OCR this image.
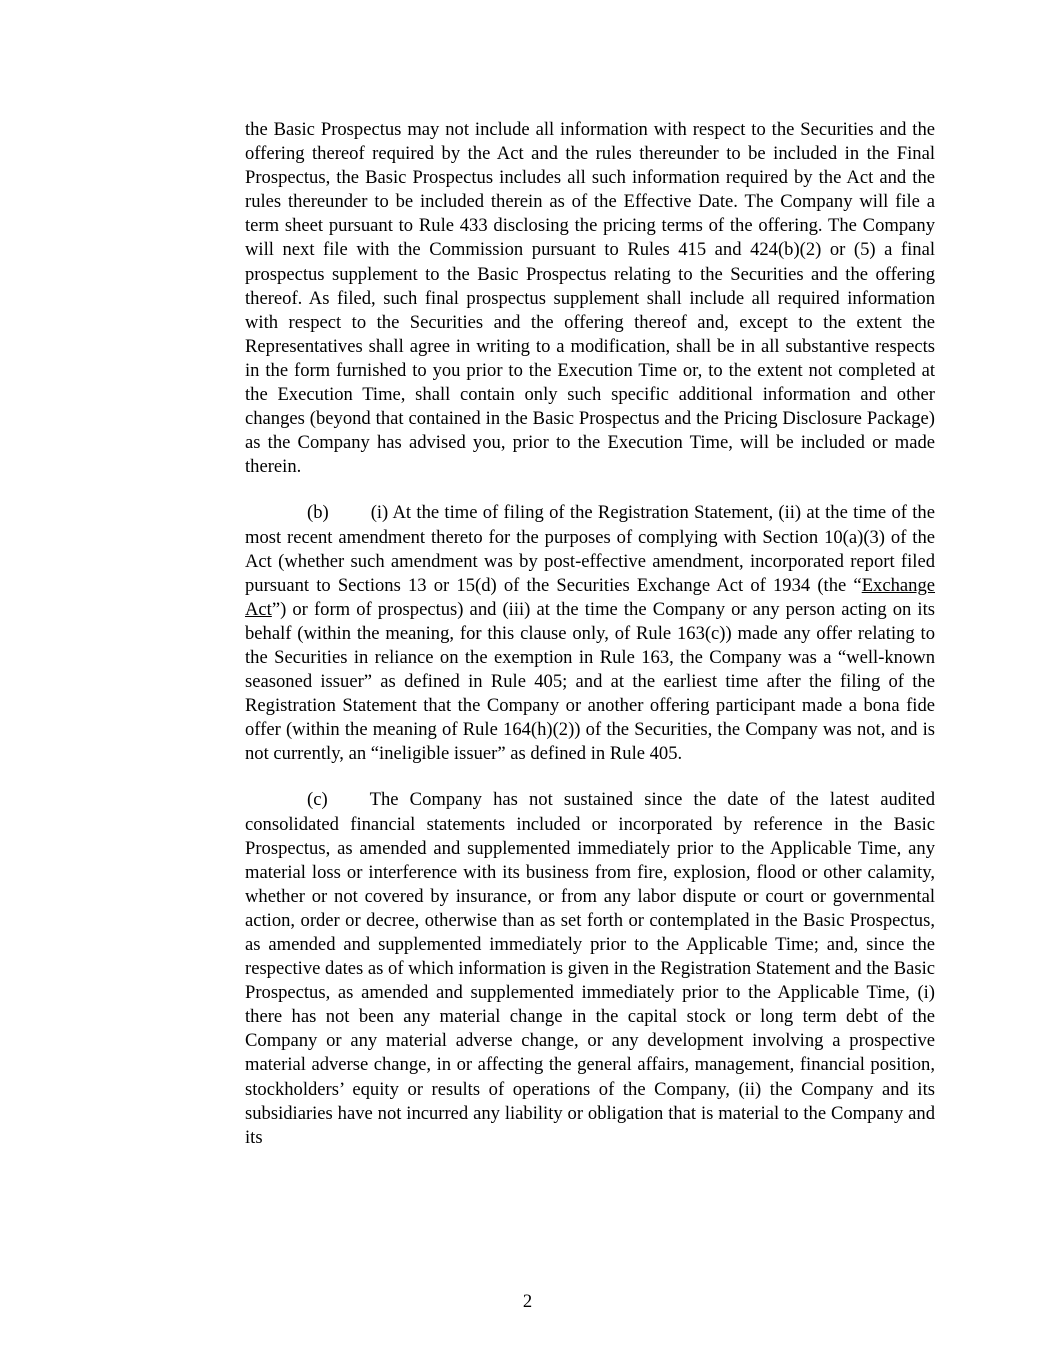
the Basic Prospectus may not include all information with respect to the Securities and the offering thereof required by the Act and the rules thereunder to be included in the Final Prospectus, the Basic Prospectus includes all such information required by the Act and the rules thereunder to be included therein as of the Effective Date. The Company will file a term sheet pursuant to Rule 433 disclosing the pricing terms of the offering. The Company will next file with the Commission pursuant to Rules 415 and 424(b)(2) or (5) a final prospectus supplement to the Basic Prospectus relating to the Securities and the offering thereof. As filed, such final prospectus supplement shall include all required information with respect to the Securities and the offering thereof and, except to the extent the Representatives shall agree in writing to a modification, shall be in all substantive respects in the form furnished to you prior to the Execution Time or, to the extent not completed at the Execution Time, shall contain only such specific additional information and other changes (beyond that contained in the Basic Prospectus and the Pricing Disclosure Package) as the Company has advised you, prior to the Execution Time, will be included or made therein.

(b) (i) At the time of filing of the Registration Statement, (ii) at the time of the most recent amendment thereto for the purposes of complying with Section 10(a)(3) of the Act (whether such amendment was by post-effective amendment, incorporated report filed pursuant to Sections 13 or 15(d) of the Securities Exchange Act of 1934 (the “Exchange Act”) or form of prospectus) and (iii) at the time the Company or any person acting on its behalf (within the meaning, for this clause only, of Rule 163(c)) made any offer relating to the Securities in reliance on the exemption in Rule 163, the Company was a “well-known seasoned issuer” as defined in Rule 405; and at the earliest time after the filing of the Registration Statement that the Company or another offering participant made a bona fide offer (within the meaning of Rule 164(h)(2)) of the Securities, the Company was not, and is not currently, an “ineligible issuer” as defined in Rule 405.

(c) The Company has not sustained since the date of the latest audited consolidated financial statements included or incorporated by reference in the Basic Prospectus, as amended and supplemented immediately prior to the Applicable Time, any material loss or interference with its business from fire, explosion, flood or other calamity, whether or not covered by insurance, or from any labor dispute or court or governmental action, order or decree, otherwise than as set forth or contemplated in the Basic Prospectus, as amended and supplemented immediately prior to the Applicable Time; and, since the respective dates as of which information is given in the Registration Statement and the Basic Prospectus, as amended and supplemented immediately prior to the Applicable Time, (i) there has not been any material change in the capital stock or long term debt of the Company or any material adverse change, or any development involving a prospective material adverse change, in or affecting the general affairs, management, financial position, stockholders’ equity or results of operations of the Company, (ii) the Company and its subsidiaries have not incurred any liability or obligation that is material to the Company and its

2
